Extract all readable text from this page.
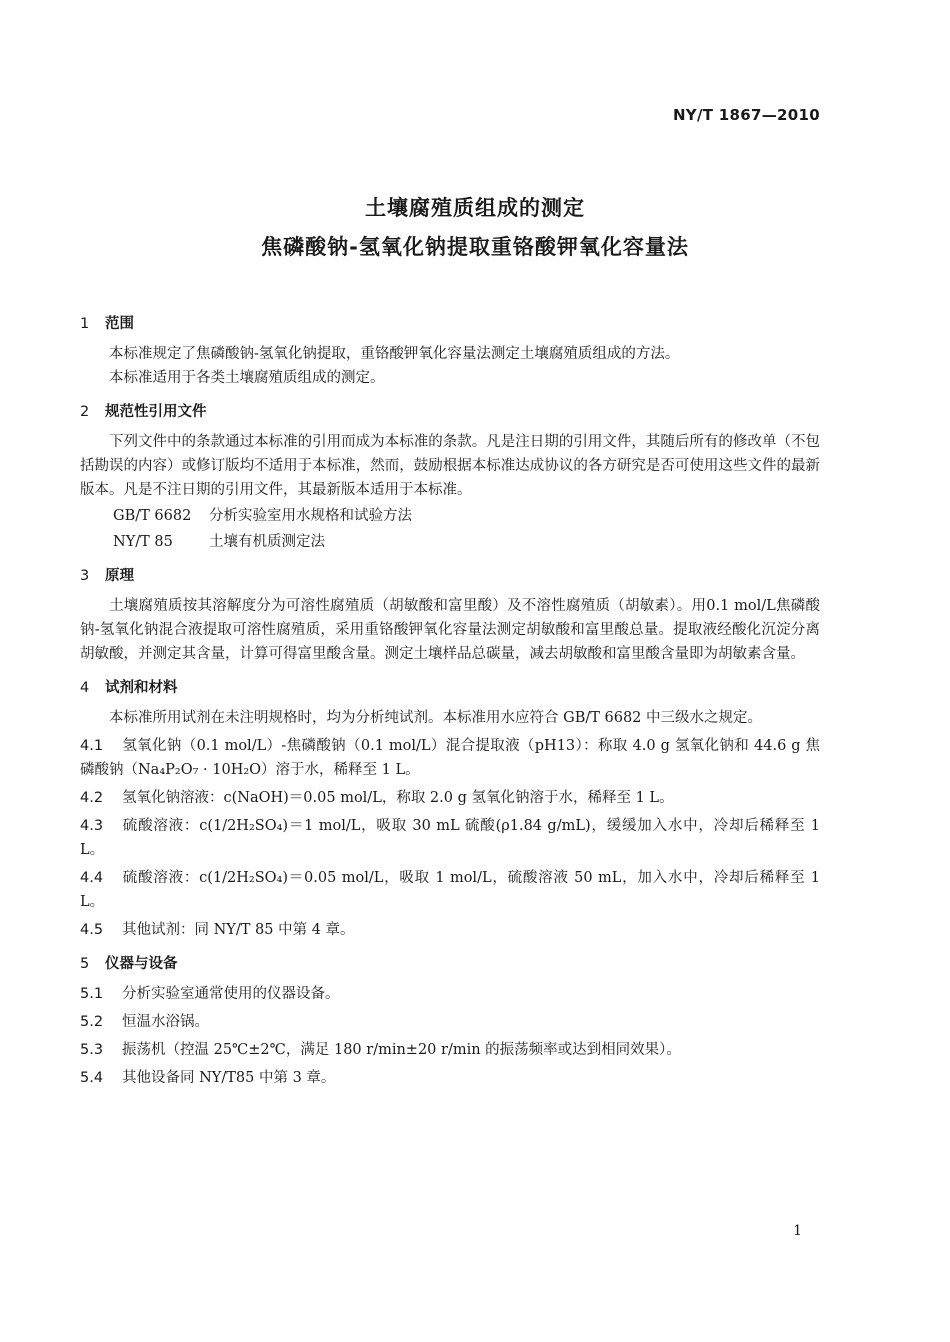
NY/T 1867—2010
土壤腐殖质组成的测定
焦磷酸钠-氢氧化钠提取重铬酸钾氧化容量法
1	范围

本标准规定了焦磷酸钠-氢氧化钠提取，重铬酸钾氧化容量法测定土壤腐殖质组成的方法。

本标准适用于各类土壤腐殖质组成的测定。

2	规范性引用文件

下列文件中的条款通过本标准的引用而成为本标准的条款。凡是注日期的引用文件，其随后所有的修改单（不包括勘误的内容）或修订版均不适用于本标准，然而，鼓励根据本标准达成协议的各方研究是否可使用这些文件的最新版本。凡是不注日期的引用文件，其最新版本适用于本标准。

GB/T 6682 分析实验室用水规格和试验方法
NY/T 85 土壤有机质测定法
3	原理

土壤腐殖质按其溶解度分为可溶性腐殖质（胡敏酸和富里酸）及不溶性腐殖质（胡敏素）。用0.1 mol/L焦磷酸钠-氢氧化钠混合液提取可溶性腐殖质，采用重铬酸钾氧化容量法测定胡敏酸和富里酸总量。提取液经酸化沉淀分离胡敏酸，并测定其含量，计算可得富里酸含量。测定土壤样品总碳量，减去胡敏酸和富里酸含量即为胡敏素含量。

4	试剂和材料

本标准所用试剂在未注明规格时，均为分析纯试剂。本标准用水应符合 GB/T 6682 中三级水之规定。

4.1 氢氧化钠（0.1 mol/L）-焦磷酸钠（0.1 mol/L）混合提取液（pH13）：称取 4.0 g 氢氧化钠和 44.6 g 焦磷酸钠（Na₄P₂O₇ · 10H₂O）溶于水，稀释至 1 L。
4.2 氢氧化钠溶液：c(NaOH)＝0.05 mol/L，称取 2.0 g 氢氧化钠溶于水，稀释至 1 L。
4.3 硫酸溶液：c(1/2H₂SO₄)＝1 mol/L，吸取 30 mL 硫酸(ρ1.84 g/mL)，缓缓加入水中，冷却后稀释至 1 L。
4.4 硫酸溶液：c(1/2H₂SO₄)＝0.05 mol/L，吸取 1 mol/L，硫酸溶液 50 mL，加入水中，冷却后稀释至 1 L。
4.5 其他试剂：同 NY/T 85 中第 4 章。
5	仪器与设备
5.1 分析实验室通常使用的仪器设备。
5.2 恒温水浴锅。
5.3 振荡机（控温 25℃±2℃，满足 180 r/min±20 r/min 的振荡频率或达到相同效果）。
5.4 其他设备同 NY/T85 中第 3 章。
1
